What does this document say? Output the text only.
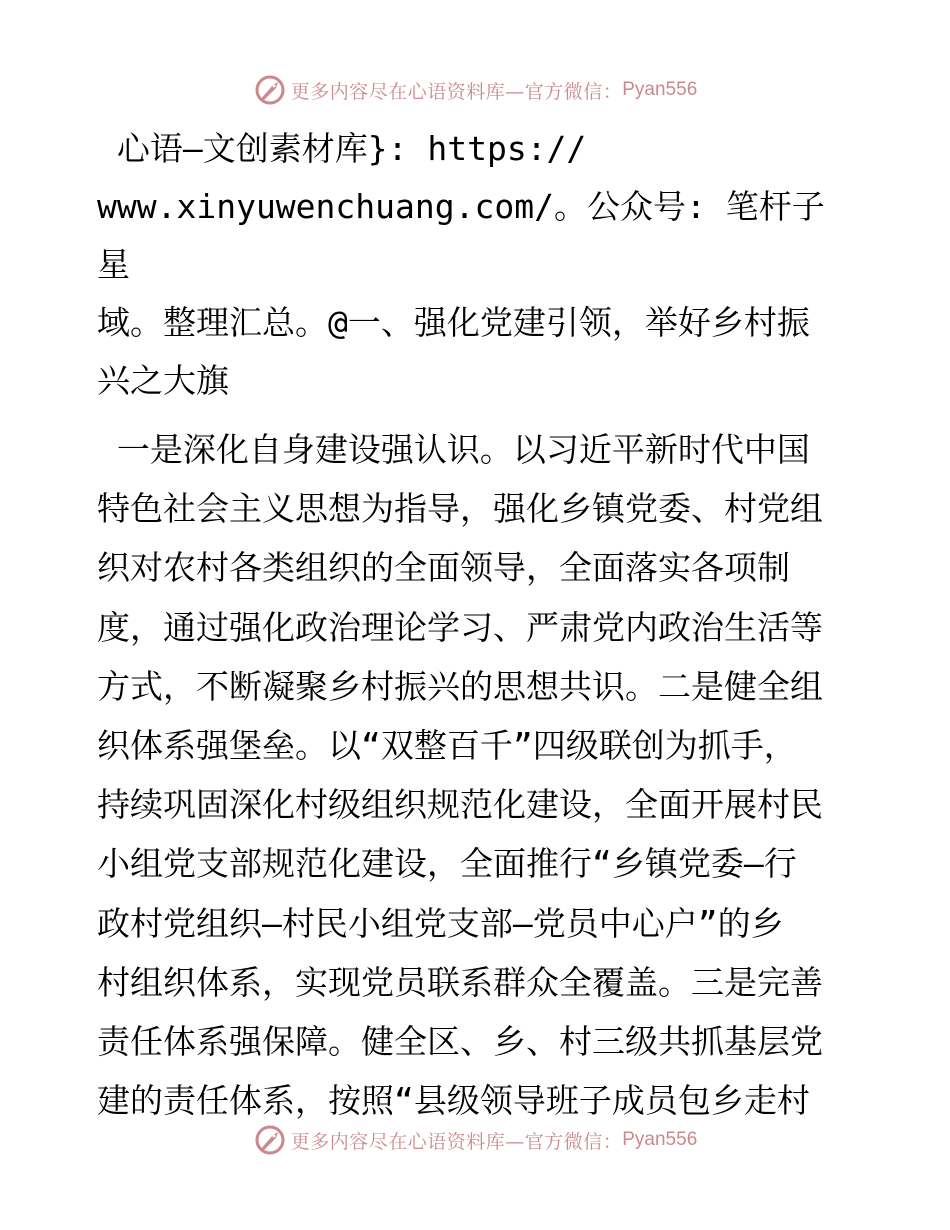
更多内容尽在心语资料库—官方微信： Pyan556

心语—文创素材库}: https://
www.xinyuwenchuang.com/。公众号: 笔杆子星
域。整理汇总。@一、强化党建引领，举好乡村振
兴之大旗

一是深化自身建设强认识。以习近平新时代中国
特色社会主义思想为指导，强化乡镇党委、村党组
织对农村各类组织的全面领导，全面落实各项制
度，通过强化政治理论学习、严肃党内政治生活等
方式，不断凝聚乡村振兴的思想共识。二是健全组
织体系强堡垒。以“双整百千”四级联创为抓手，
持续巩固深化村级组织规范化建设，全面开展村民
小组党支部规范化建设，全面推行“乡镇党委—行
政村党组织—村民小组党支部—党员中心户”的乡
村组织体系，实现党员联系群众全覆盖。三是完善
责任体系强保障。健全区、乡、村三级共抓基层党
建的责任体系，按照“县级领导班子成员包乡走村

更多内容尽在心语资料库—官方微信： Pyan556
